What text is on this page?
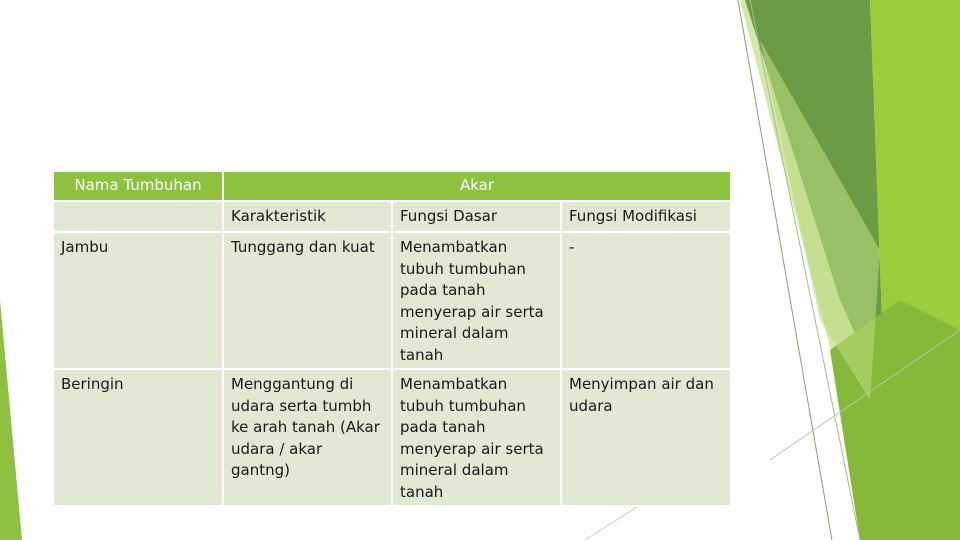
Nama Tumbuhan	Akar		
	Karakteristik	Fungsi Dasar	Fungsi Modifikasi
Jambu	Tunggang dan kuat	Menambatkan tubuh tumbuhan pada tanah menyerap air serta mineral dalam tanah	-
Beringin	Menggantung di udara serta tumbh ke arah tanah (Akar udara / akar gantng)	Menambatkan tubuh tumbuhan pada tanah menyerap air serta mineral dalam tanah	Menyimpan air dan udara
